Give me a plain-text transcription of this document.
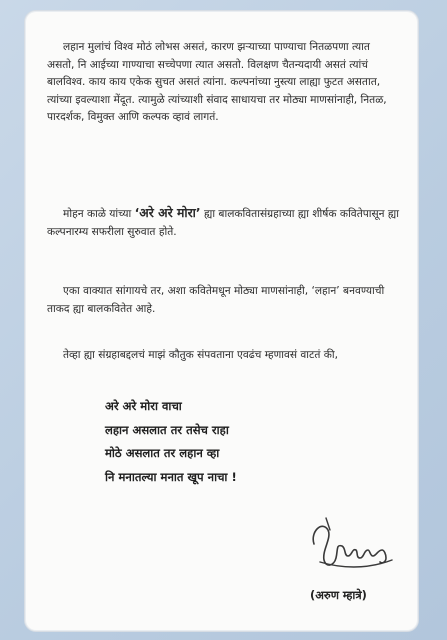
लहान मुलांचं विश्व मोठं लोभस असतं, कारण झऱ्याच्या पाण्याचा नितळपणा त्यात असतो, नि आईच्या गाण्याचा सच्चेपणा त्यात असतो. विलक्षण चैतन्यदायी असतं त्यांचं बालविश्व. काय काय एकेक सुचत असतं त्यांना. कल्पनांच्या नुस्त्या लाह्या फुटत असतात, त्यांच्या इवल्याशा मेंदूत. त्यामुळे त्यांच्याशी संवाद साधायचा तर मोठ्या माणसांनाही, नितळ, पारदर्शक, विमुक्त आणि कल्पक व्हावं लागतं.

मोहन काळे यांच्या ‘अरे अरे मोरा’ ह्या बालकवितासंग्रहाच्या ह्या शीर्षक कवितेपासून ह्या कल्पनारम्य सफरीला सुरुवात होते.

एका वाक्यात सांगायचे तर, अशा कवितेमधून मोठ्या माणसांनाही, ‘लहान’ बनवण्याची ताकद ह्या बालकवितेत आहे.

तेव्हा ह्या संग्रहाबद्दलचं माझं कौतुक संपवताना एवढंच म्हणावसं वाटतं की,

अरे अरे मोरा वाचा
लहान असलात तर तसेच राहा
मोठे असलात तर लहान व्हा
नि मनातल्या मनात खूप नाचा !
(अरुण म्हात्रे)
